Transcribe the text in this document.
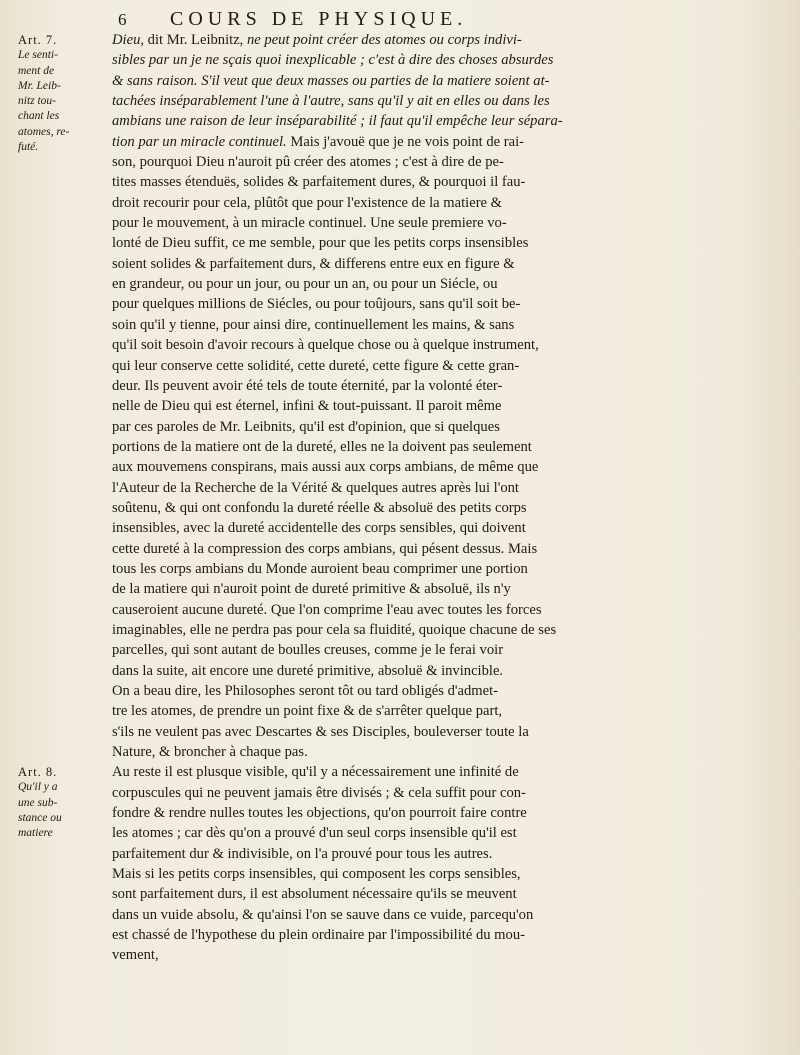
6 COURS DE PHYSIQUE.
Art. 7.
Le senti-
ment de
Mr. Leib-
nitz tou-
chant les
atomes, re-
futé.
Art. 8.
Qu'il y a
une sub-
stance ou
matiere
Dieu, dit Mr. Leibnitz, ne peut point créer des atomes ou corps indivi-
sibles par un je ne sçais quoi inexplicable ; c'est à dire des choses absurdes
& sans raison. S'il veut que deux masses ou parties de la matiere soient at-
tachées inséparablement l'une à l'autre, sans qu'il y ait en elles ou dans les
ambians une raison de leur inséparabilité ; il faut qu'il empêche leur sépara-
tion par un miracle continuel. Mais j'avouë que je ne vois point de rai-
son, pourquoi Dieu n'auroit pû créer des atomes ; c'est à dire de pe-
tites masses étenduës, solides & parfaitement dures, & pourquoi il fau-
droit recourir pour cela, plûtôt que pour l'existence de la matiere &
pour le mouvement, à un miracle continuel. Une seule premiere vo-
lonté de Dieu suffit, ce me semble, pour que les petits corps insensibles
soient solides & parfaitement durs, & differens entre eux en figure &
en grandeur, ou pour un jour, ou pour un an, ou pour un Siécle, ou
pour quelques millions de Siécles, ou pour toûjours, sans qu'il soit be-
soin qu'il y tienne, pour ainsi dire, continuellement les mains, & sans
qu'il soit besoin d'avoir recours à quelque chose ou à quelque instrument,
qui leur conserve cette solidité, cette dureté, cette figure & cette gran-
deur. Ils peuvent avoir été tels de toute éternité, par la volonté éter-
nelle de Dieu qui est éternel, infini & tout-puissant. Il paroit même
par ces paroles de Mr. Leibnits, qu'il est d'opinion, que si quelques
portions de la matiere ont de la dureté, elles ne la doivent pas seulement
aux mouvemens conspirans, mais aussi aux corps ambians, de même que
l'Auteur de la Recherche de la Vérité & quelques autres après lui l'ont
soûtenu, & qui ont confondu la dureté réelle & absoluë des petits corps
insensibles, avec la dureté accidentelle des corps sensibles, qui doivent
cette dureté à la compression des corps ambians, qui pésent dessus. Mais
tous les corps ambians du Monde auroient beau comprimer une portion
de la matiere qui n'auroit point de dureté primitive & absoluë, ils n'y
causeroient aucune dureté. Que l'on comprime l'eau avec toutes les forces
imaginables, elle ne perdra pas pour cela sa fluidité, quoique chacune de ses
parcelles, qui sont autant de boulles creuses, comme je le ferai voir
dans la suite, ait encore une dureté primitive, absoluë & invincible.
On a beau dire, les Philosophes seront tôt ou tard obligés d'admet-
tre les atomes, de prendre un point fixe & de s'arrêter quelque part,
s'ils ne veulent pas avec Descartes & ses Disciples, bouleverser toute la
Nature, & broncher à chaque pas.
Au reste il est plusque visible, qu'il y a nécessairement une infinité de
corpuscules qui ne peuvent jamais être divisés ; & cela suffit pour con-
fondre & rendre nulles toutes les objections, qu'on pourroit faire contre
les atomes ; car dès qu'on a prouvé d'un seul corps insensible qu'il est
parfaitement dur & indivisible, on l'a prouvé pour tous les autres.
Mais si les petits corps insensibles, qui composent les corps sensibles,
sont parfaitement durs, il est absolument nécessaire qu'ils se meuvent
dans un vuide absolu, & qu'ainsi l'on se sauve dans ce vuide, parcequ'on
est chassé de l'hypothese du plein ordinaire par l'impossibilité du mou-
vement,
